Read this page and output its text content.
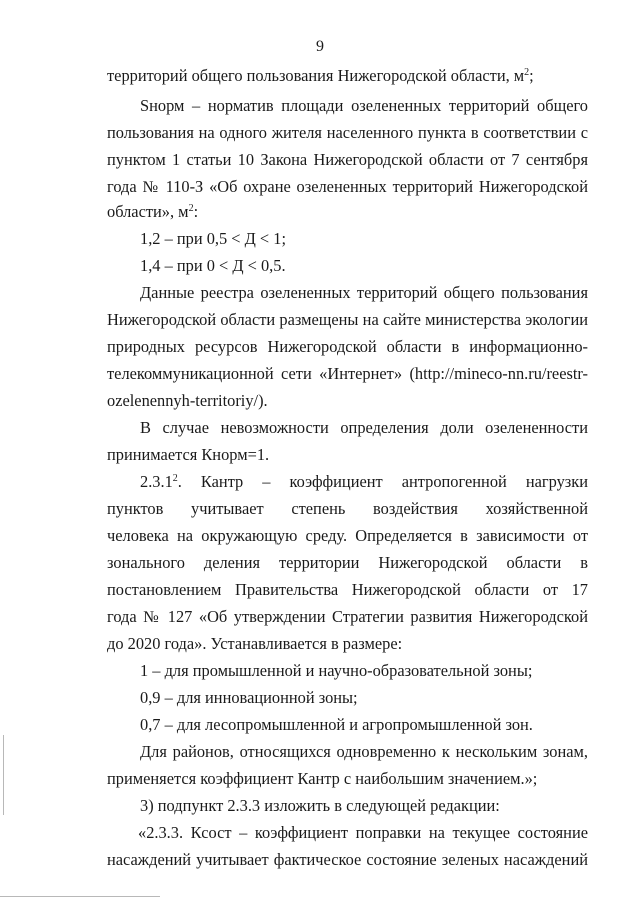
9
территорий общего пользования Нижегородской области, $м^2$;
Sнорм – норматив площади озелененных территорий общего
пользования на одного жителя населенного пункта в соответствии с
пунктом 1 статьи 10 Закона Нижегородской области от 7 сентября
года № 110-З «Об охране озелененных территорий Нижегородской
области», $м^2$:
1,2 – при 0,5 < Д < 1;
1,4 – при 0 < Д < 0,5.
Данные реестра озелененных территорий общего пользования
Нижегородской области размещены на сайте министерства экологии
природных ресурсов Нижегородской области в информационно-
телекоммуникационной сети «Интернет» (http://mineco-nn.ru/reestr-
ozelenennyh-territoriy/).
В случае невозможности определения доли озелененности
принимается Кнорм=1.
2.3.1$^2$. Кантр – коэффициент антропогенной нагрузки
пунктов учитывает степень воздействия хозяйственной
человека на окружающую среду. Определяется в зависимости от
зонального деления территории Нижегородской области в
постановлением Правительства Нижегородской области от 17
года № 127 «Об утверждении Стратегии развития Нижегородской
до 2020 года». Устанавливается в размере:
1 – для промышленной и научно-образовательной зоны;
0,9 – для инновационной зоны;
0,7 – для лесопромышленной и агропромышленной зон.
Для районов, относящихся одновременно к нескольким зонам,
применяется коэффициент Кантр с наибольшим значением.»;
3) подпункт 2.3.3 изложить в следующей редакции:
«2.3.3. Ксост – коэффициент поправки на текущее состояние
насаждений учитывает фактическое состояние зеленых насаждений
